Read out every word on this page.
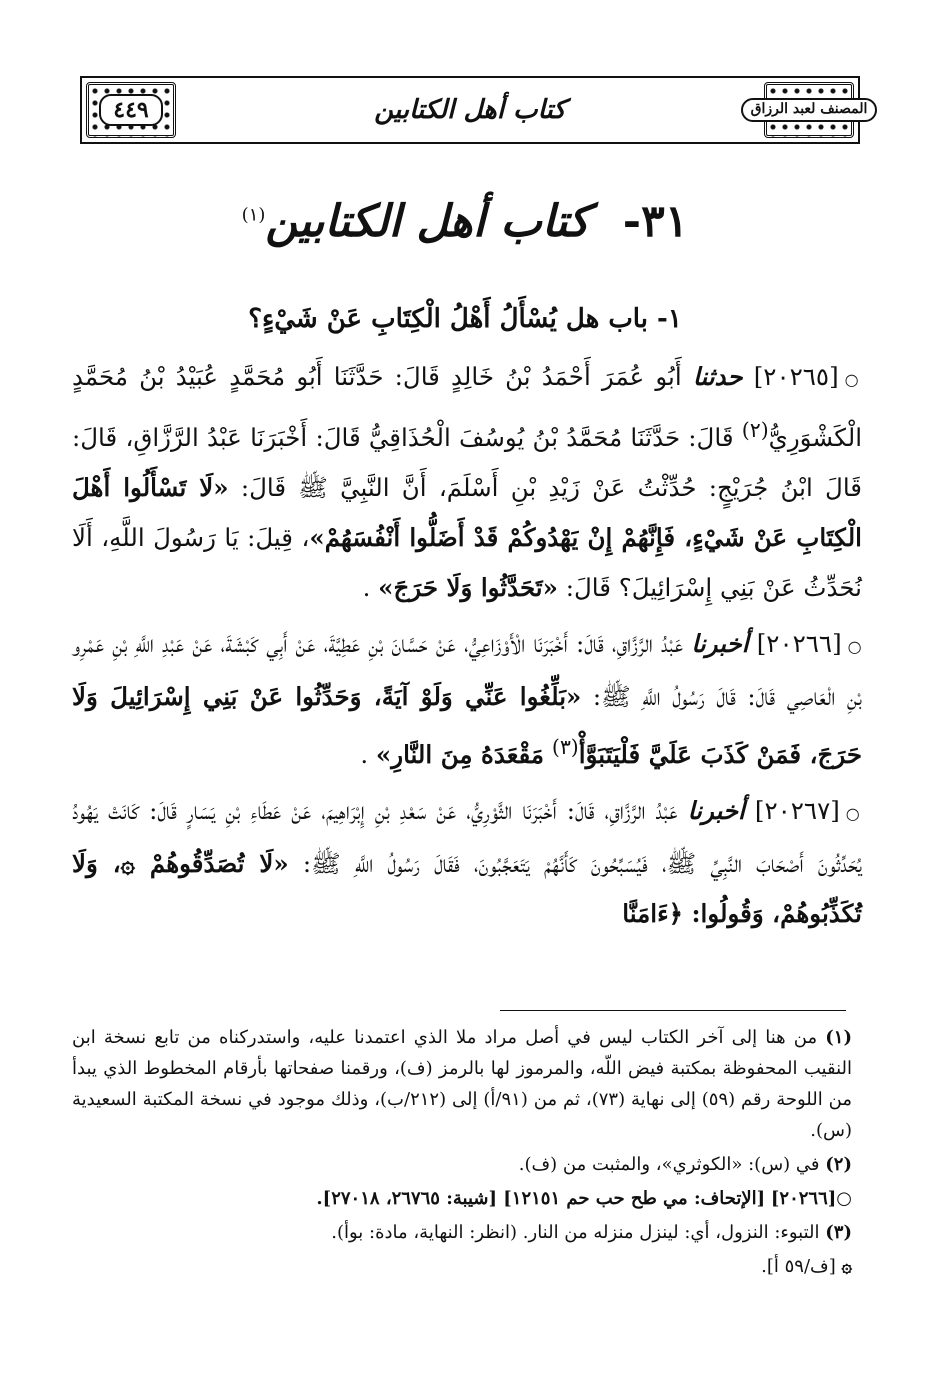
المصنف لعبد الرزاق
كتاب أهل الكتابين
٤٤٩
٣١- كتاب أهل الكتابين$^{(١)}$
١- باب هل يُسْأَلُ أَهْلُ الْكِتَابِ عَنْ شَيْءٍ؟

○[٢٠٢٦٥] حدثنا أَبُو عُمَرَ أَحْمَدُ بْنُ خَالِدٍ قَالَ: حَدَّثَنَا أَبُو مُحَمَّدٍ عُبَيْدُ بْنُ مُحَمَّدٍ الْكَشْوَرِيُّ$^{(٢)}$ قَالَ: حَدَّثَنَا مُحَمَّدُ بْنُ يُوسُفَ الْحُذَاقِيُّ قَالَ: أَخْبَرَنَا عَبْدُ الرَّزَّاقِ، قَالَ: قَالَ ابْنُ جُرَيْجٍ: حُدِّثْتُ عَنْ زَيْدِ بْنِ أَسْلَمَ، أَنَّ النَّبِيَّ ﷺ قَالَ: «لَا تَسْأَلُوا أَهْلَ الْكِتَابِ عَنْ شَيْءٍ، فَإِنَّهُمْ إِنْ يَهْدُوكُمْ قَدْ أَضَلُّوا أَنْفُسَهُمْ»، قِيلَ: يَا رَسُولَ اللَّهِ، أَلَا نُحَدِّثُ عَنْ بَنِي إِسْرَائِيلَ؟ قَالَ: «تَحَدَّثُوا وَلَا حَرَجَ» .

○[٢٠٢٦٦] أخبرنا عَبْدُ الرَّزَّاقِ، قَالَ: أَخْبَرَنَا الْأَوْزَاعِيُّ، عَنْ حَسَّانَ بْنِ عَطِيَّةَ، عَنْ أَبِي كَبْشَةَ، عَنْ عَبْدِ اللَّهِ بْنِ عَمْرِو بْنِ الْعَاصِي قَالَ: قَالَ رَسُولُ اللَّهِ ﷺ: «بَلِّغُوا عَنِّي وَلَوْ آيَةً، وَحَدِّثُوا عَنْ بَنِي إِسْرَائِيلَ وَلَا حَرَجَ، فَمَنْ كَذَبَ عَلَيَّ فَلْيَتَبَوَّأْ$^{(٣)}$ مَقْعَدَهُ مِنَ النَّارِ» .

○[٢٠٢٦٧] أخبرنا عَبْدُ الرَّزَّاقِ، قَالَ: أَخْبَرَنَا الثَّوْرِيُّ، عَنْ سَعْدِ بْنِ إِبْرَاهِيمَ، عَنْ عَطَاءِ بْنِ يَسَارٍ قَالَ: كَانَتْ يَهُودُ يُحَدِّثُونَ أَصْحَابَ النَّبِيِّ ﷺ، فَيُسَبِّحُونَ كَأَنَّهُمْ يَتَعَجَّبُونَ، فَقَالَ رَسُولُ اللَّهِ ﷺ: «لَا تُصَدِّقُوهُمْ ۞، وَلَا تُكَذِّبُوهُمْ، وَقُولُوا: ﴿ءَامَنَّا

(١) من هنا إلى آخر الكتاب ليس في أصل مراد ملا الذي اعتمدنا عليه، واستدركناه من تابع نسخة ابن النقيب المحفوظة بمكتبة فيض اللّه، والمرموز لها بالرمز (ف)، ورقمنا صفحاتها بأرقام المخطوط الذي يبدأ من اللوحة رقم (٥٩) إلى نهاية (٧٣)، ثم من (٩١/أ) إلى (٢١٢/ب)، وذلك موجود في نسخة المكتبة السعيدية (س).

(٢) في (س): «الكوثري»، والمثبت من (ف).

○[٢٠٢٦٦] [الإتحاف: مي طح حب حم ١٢١٥١] [شيبة: ٢٦٧٦٥، ٢٧٠١٨].

(٣) التبوء: النزول، أي: لينزل منزله من النار. (انظر: النهاية، مادة: بوأ).

۞ [ف/٥٩ أ].
